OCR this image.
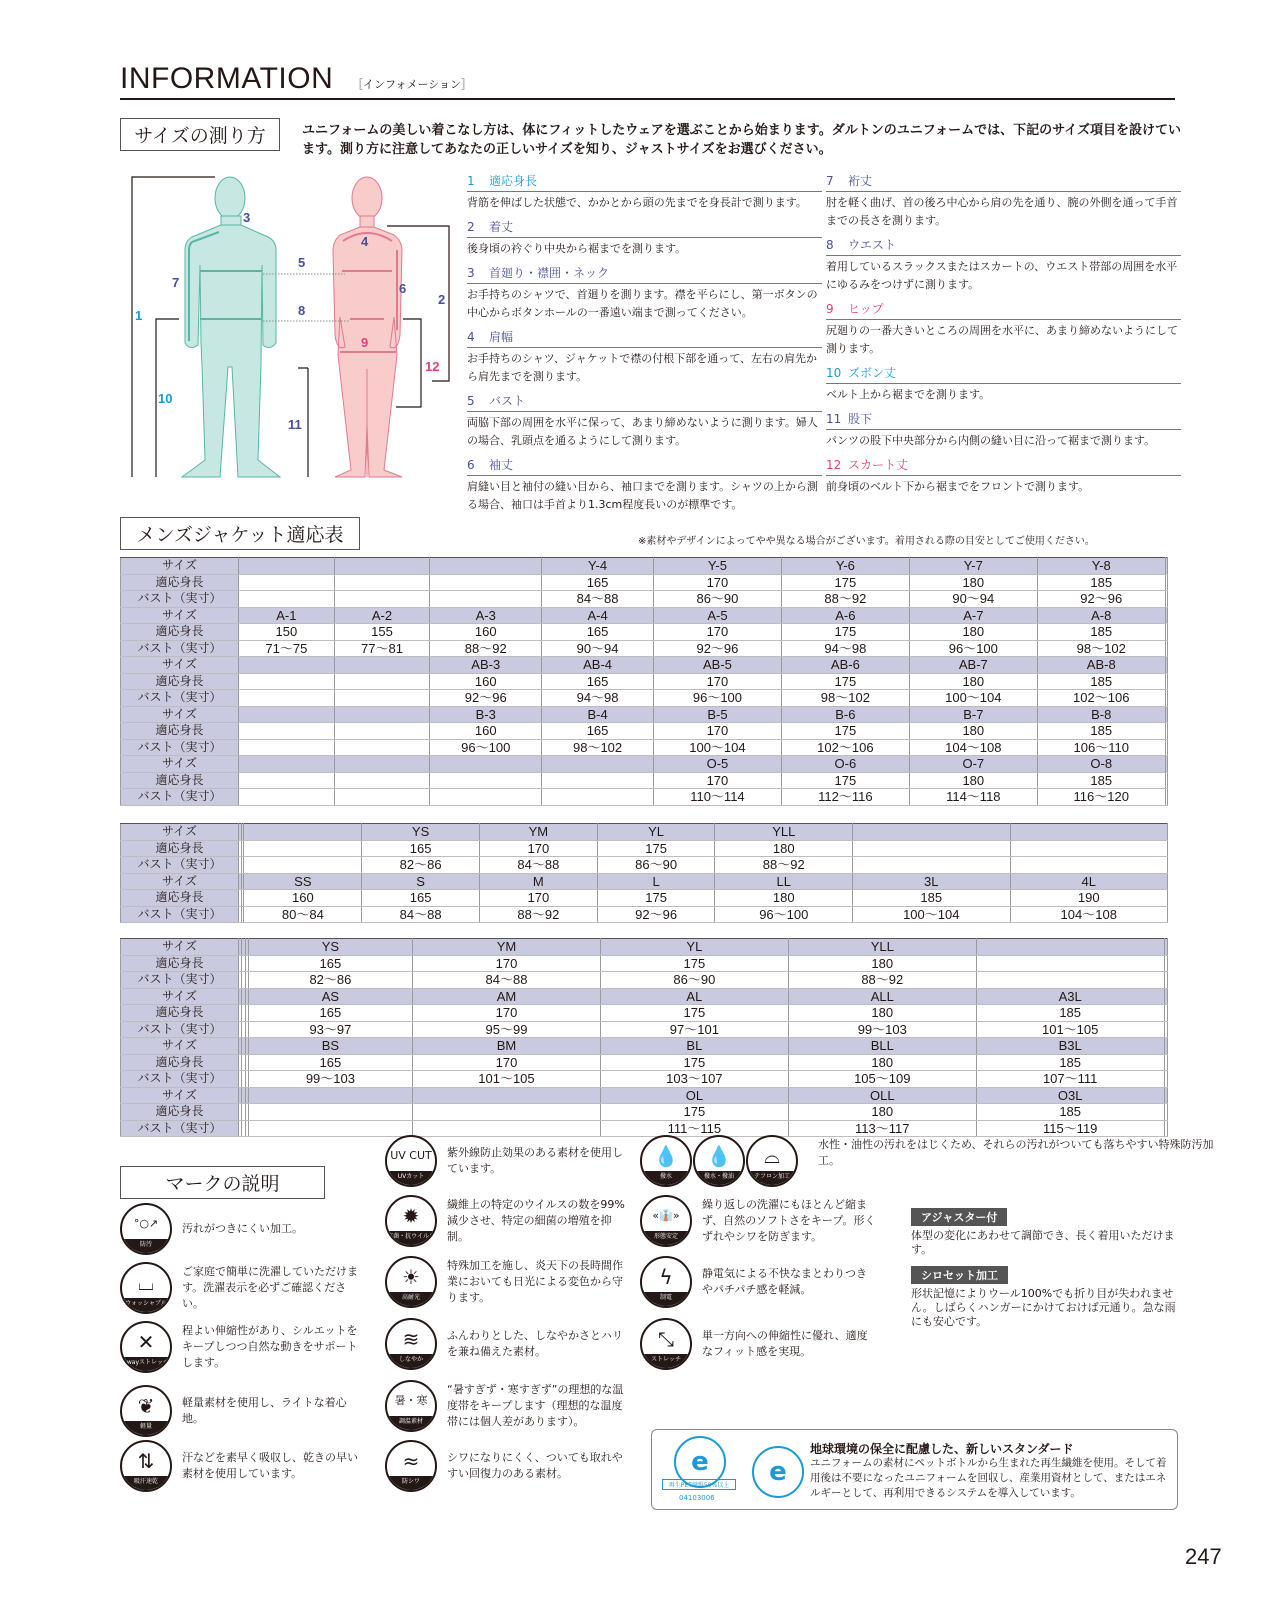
INFORMATION ［インフォメーション］
サイズの測り方	ユニフォームの美しい着こなし方は、体にフィットしたウェアを選ぶことから始まります。ダルトンのユニフォームでは、下記のサイズ項目を設けています。測り方に注意してあなたの正しいサイズを知り、ジャストサイズをお選びください。
3
4
5
7	6
2
8
1
9
12
10
11
1 適応身長
背筋を伸ばした状態で、かかとから頭の先までを身長計で測ります。
2 着丈
後身頃の衿ぐり中央から裾までを測ります。
3 首廻り・襟囲・ネック
お手持ちのシャツで、首廻りを測ります。襟を平らにし、第一ボタンの中心からボタンホールの一番遠い端まで測ってください。
4 肩幅
お手持ちのシャツ、ジャケットで襟の付根下部を通って、左右の肩先から肩先までを測ります。
5 バスト
両脇下部の周囲を水平に保って、あまり締めないように測ります。婦人の場合、乳頭点を通るようにして測ります。
6 袖丈
肩縫い目と袖付の縫い目から、袖口までを測ります。シャツの上から測る場合、袖口は手首より1.3cm程度長いのが標準です。
7 裄丈
肘を軽く曲げ、首の後ろ中心から肩の先を通り、腕の外側を通って手首までの長さを測ります。
8 ウエスト
着用しているスラックスまたはスカートの、ウエスト帯部の周囲を水平にゆるみをつけずに測ります。
9 ヒップ
尻廻りの一番大きいところの周囲を水平に、あまり締めないようにして測ります。
10 ズボン丈
ベルト上から裾までを測ります。
11 股下
パンツの股下中央部分から内側の縫い目に沿って裾まで測ります。
12 スカート丈
前身頃のベルト下から裾までをフロントで測ります。
メンズジャケット適応表	※素材やデザインによってやや異なる場合がございます。着用される際の目安としてご使用ください。
サイズ				Y-4	Y-5	Y-6	Y-7	Y-8	
適応身長				165	170	175	180	185	
バスト（実寸）				84～88	86～90	88～92	90～94	92～96	
サイズ	A-1	A-2	A-3	A-4	A-5	A-6	A-7	A-8	
適応身長	150	155	160	165	170	175	180	185	
バスト（実寸）	71～75	77～81	88～92	90～94	92～96	94～98	96～100	98～102	
サイズ			AB-3	AB-4	AB-5	AB-6	AB-7	AB-8	
適応身長			160	165	170	175	180	185	
バスト（実寸）			92～96	94～98	96～100	98～102	100～104	102～106	
サイズ			B-3	B-4	B-5	B-6	B-7	B-8	
適応身長			160	165	170	175	180	185	
バスト（実寸）			96～100	98～102	100～104	102～106	104～108	106～110	
サイズ					O-5	O-6	O-7	O-8	
適応身長					170	175	180	185	
バスト（実寸）					110～114	112～116	114～118	116～120	
サイズ				YS	YM	YL	YLL		
適応身長				165	170	175	180		
バスト（実寸）				82～86	84～88	86～90	88～92		
サイズ			SS	S	M	L	LL	3L	4L
適応身長			160	165	170	175	180	185	190
バスト（実寸）			80～84	84～88	88～92	92～96	96～100	100～104	104～108
サイズ				YS	YM	YL	YLL		
適応身長				165	170	175	180		
バスト（実寸）				82～86	84～88	86～90	88～92		
サイズ				AS	AM	AL	ALL	A3L	
適応身長				165	170	175	180	185	
バスト（実寸）				93～97	95～99	97～101	99～103	101～105	
サイズ				BS	BM	BL	BLL	B3L	
適応身長				165	170	175	180	185	
バスト（実寸）				99～103	101～105	103～107	105～109	107～111	
サイズ						OL	OLL	O3L	
適応身長						175	180	185	
バスト（実寸）						111～115	113～117	115～119	
マークの説明
°○↗
防汚
汚れがつきにくい加工。
⌴
ウォッシャブル
ご家庭で簡単に洗濯していただけます。洗濯表示を必ずご確認ください。
✕
2wayストレッチ
程よい伸縮性があり、シルエットをキープしつつ自然な動きをサポートします。
❦
軽量
軽量素材を使用し、ライトな着心地。
⇅
吸汗速乾
汗などを素早く吸収し、乾きの早い素材を使用しています。
UV CUT
UVカット
紫外線防止効果のある素材を使用しています。
✹
抗菌・抗ウイルス
繊維上の特定のウイルスの数を99%減少させ、特定の細菌の増殖を抑制。
☀
高耐光
特殊加工を施し、炎天下の長時間作業においても日光による変色から守ります。
≋
しなやか
ふんわりとした、しなやかさとハリを兼ね備えた素材。
暑・寒
調温素材
“暑すぎず・寒すぎず”の理想的な温度帯をキープします（理想的な温度帯には個人差があります）。
≈
防シワ
シワになりにくく、ついても取れやすい回復力のある素材。
💧
撥水
💧
撥水・撥油
⌓
テフロン加工
水性・油性の汚れをはじくため、それらの汚れがついても落ちやすい特殊防汚加工。
«👔»
形態安定
繰り返しの洗濯にもほとんど縮まず、自然のソフトさをキープ。形くずれやシワを防ぎます。
ϟ
制電
静電気による不快なまとわりつきやパチパチ感を軽減。
⤡
ストレッチ
単一方向への伸縮性に優れ、適度なフィット感を実現。
アジャスター付
体型の変化にあわせて調節でき、長く着用いただけます。
シロセット加工
形状記憶によりウール100%でも折り目が失われません。しばらくハンガーにかけておけば元通り。急な雨にも安心です。
e
再生PET繊維50%以上
04103006
e
地球環境の保全に配慮した、新しいスタンダード
ユニフォームの素材にペットボトルから生まれた再生繊維を使用。そして着用後は不要になったユニフォームを回収し、産業用資材として、またはエネルギーとして、再利用できるシステムを導入しています。
247
